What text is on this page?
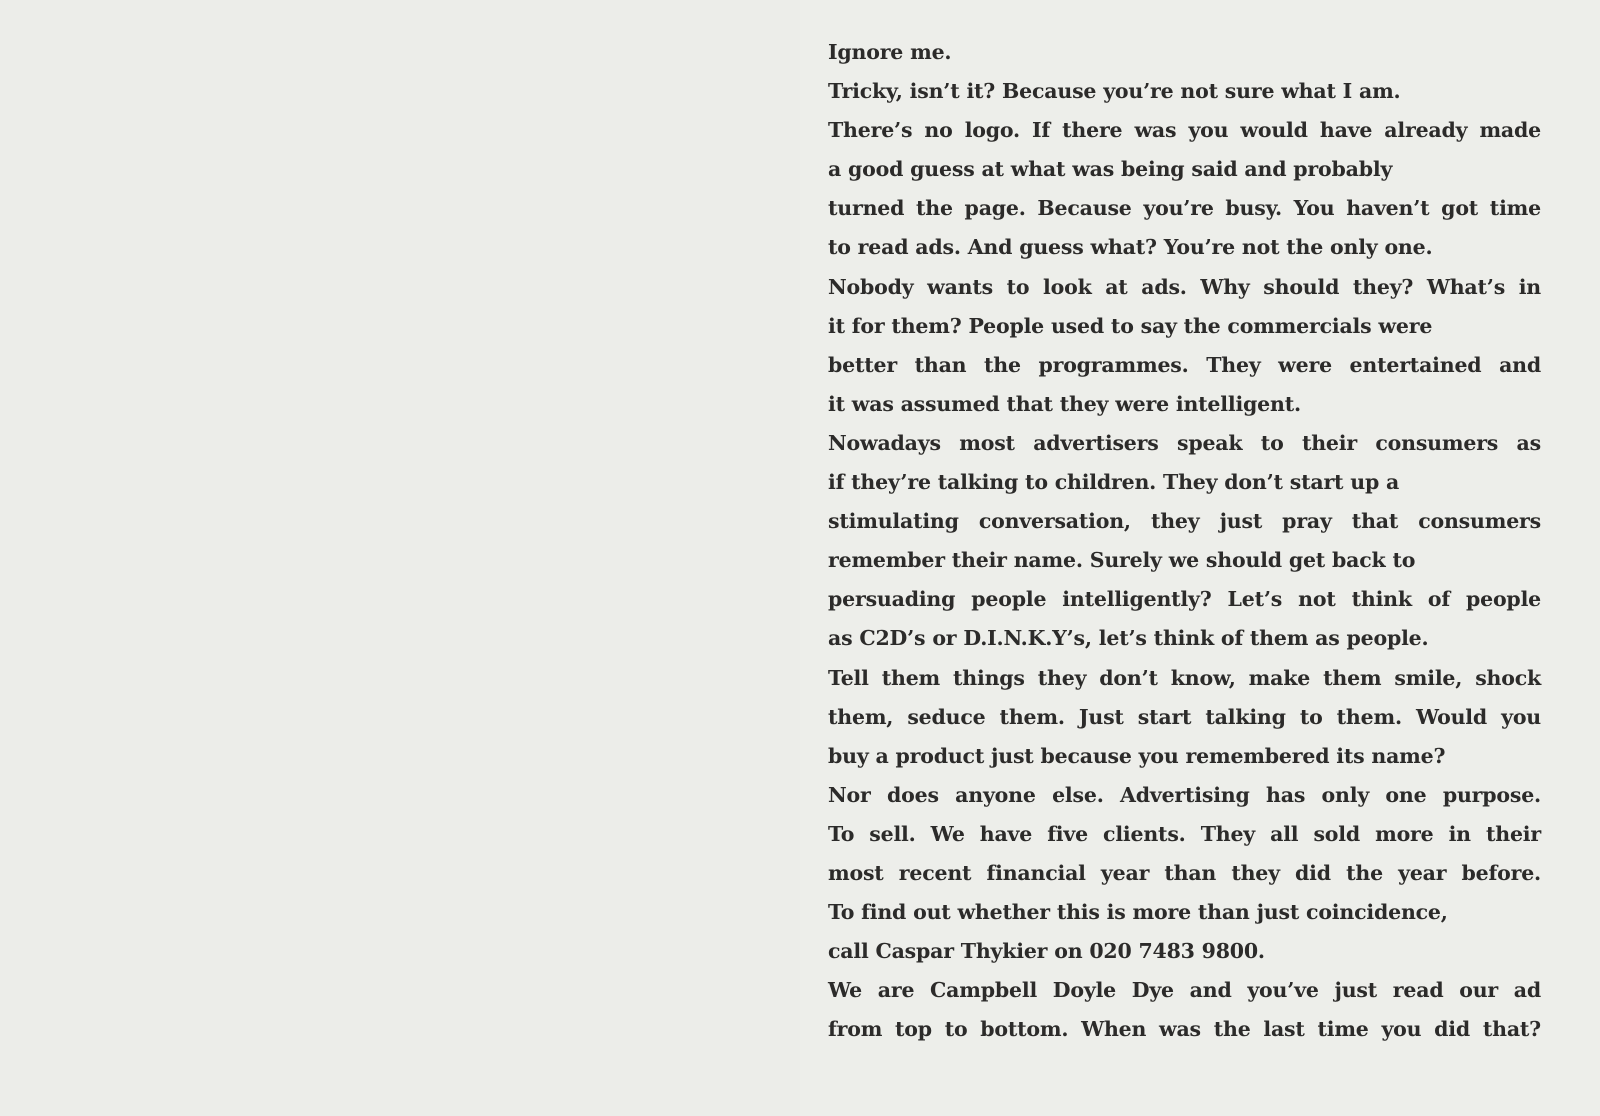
Ignore me.
Tricky, isn’t it? Because you’re not sure what I am.
There’s no logo. If there was you would have already made
a good guess at what was being said and probably
turned the page. Because you’re busy. You haven’t got time
to read ads. And guess what? You’re not the only one.
Nobody wants to look at ads. Why should they? What’s in
it for them? People used to say the commercials were
better than the programmes. They were entertained and
it was assumed that they were intelligent.
Nowadays most advertisers speak to their consumers as
if they’re talking to children. They don’t start up a
stimulating conversation, they just pray that consumers
remember their name. Surely we should get back to
persuading people intelligently? Let’s not think of people
as C2D’s or D.I.N.K.Y’s, let’s think of them as people.
Tell them things they don’t know, make them smile, shock
them, seduce them. Just start talking to them. Would you
buy a product just because you remembered its name?
Nor does anyone else. Advertising has only one purpose.
To sell. We have five clients. They all sold more in their
most recent financial year than they did the year before.
To find out whether this is more than just coincidence,
call Caspar Thykier on 020 7483 9800.
We are Campbell Doyle Dye and you’ve just read our ad
from top to bottom. When was the last time you did that?
